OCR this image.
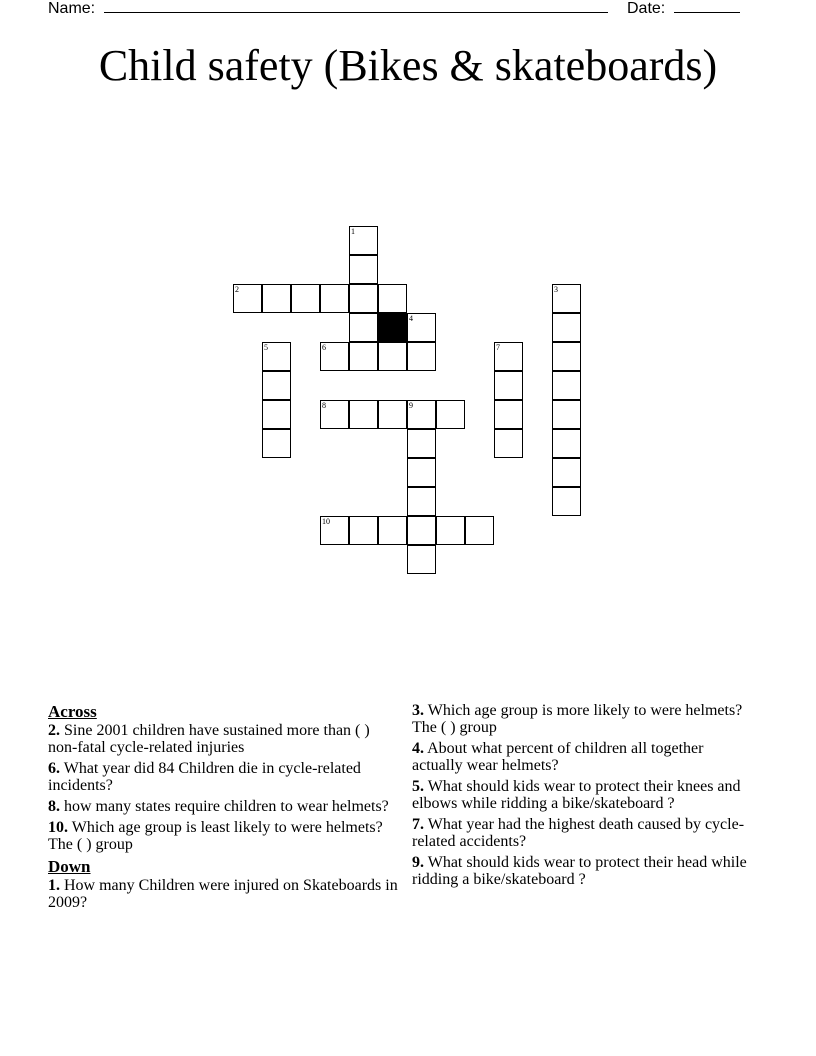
Name:	Date:
Child safety (Bikes & skateboards)
1
2	3
4
5	6	7
8	9
10
Across
2. Sine 2001 children have sustained more than ( ) non-fatal cycle-related injuries
6. What year did 84 Children die in cycle-related incidents?
8. how many states require children to wear helmets?
10. Which age group is least likely to were helmets? The ( ) group
Down
1. How many Children were injured on Skateboards in 2009?
3. Which age group is more likely to were helmets? The ( ) group
4. About what percent of children all together actually wear helmets?
5. What should kids wear to protect their knees and elbows while ridding a bike/skateboard ?
7. What year had the highest death caused by cycle-related accidents?
9. What should kids wear to protect their head while ridding a bike/skateboard ?
